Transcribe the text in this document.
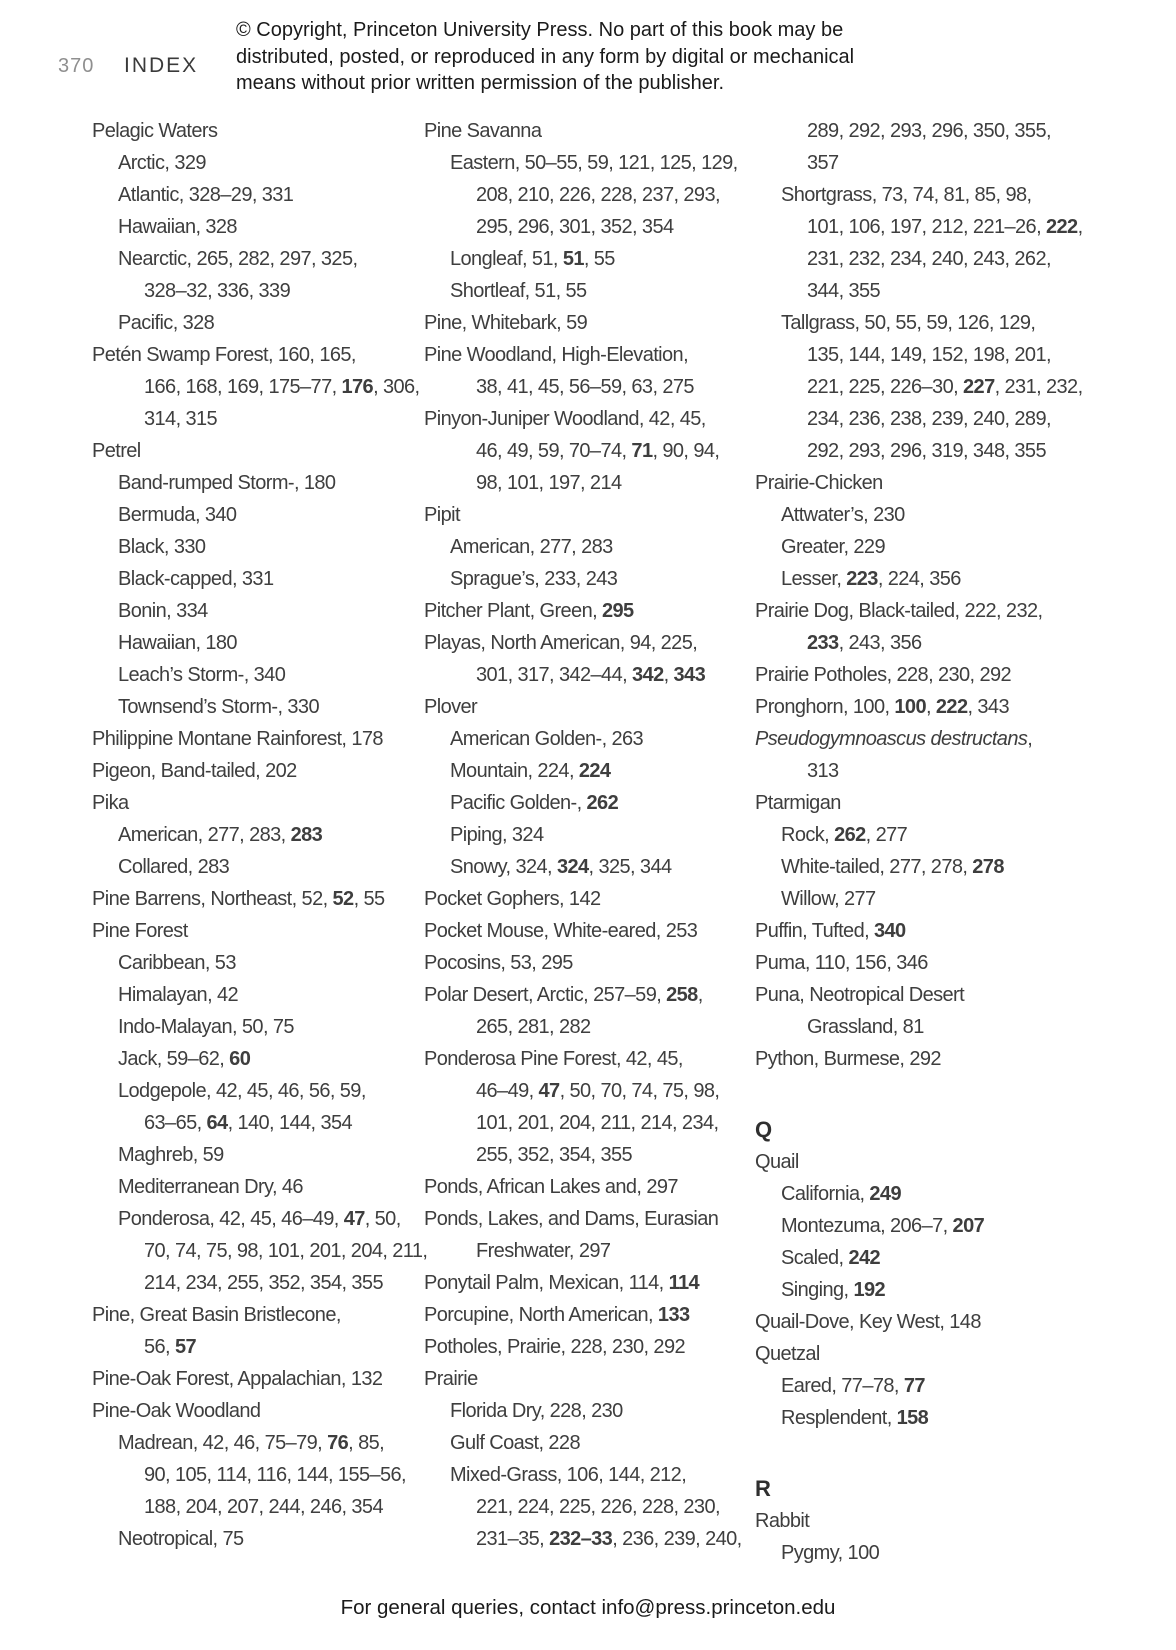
370 INDEX
© Copyright, Princeton University Press. No part of this book may be
distributed, posted, or reproduced in any form by digital or mechanical
means without prior written permission of the publisher.
Pelagic Waters
Arctic, 329
Atlantic, 328–29, 331
Hawaiian, 328
Nearctic, 265, 282, 297, 325,
328–32, 336, 339
Pacific, 328
Petén Swamp Forest, 160, 165,
166, 168, 169, 175–77, 176, 306,
314, 315
Petrel
Band-rumped Storm-, 180
Bermuda, 340
Black, 330
Black-capped, 331
Bonin, 334
Hawaiian, 180
Leach’s Storm-, 340
Townsend’s Storm-, 330
Philippine Montane Rainforest, 178
Pigeon, Band-tailed, 202
Pika
American, 277, 283, 283
Collared, 283
Pine Barrens, Northeast, 52, 52, 55
Pine Forest
Caribbean, 53
Himalayan, 42
Indo-Malayan, 50, 75
Jack, 59–62, 60
Lodgepole, 42, 45, 46, 56, 59,
63–65, 64, 140, 144, 354
Maghreb, 59
Mediterranean Dry, 46
Ponderosa, 42, 45, 46–49, 47, 50,
70, 74, 75, 98, 101, 201, 204, 211,
214, 234, 255, 352, 354, 355
Pine, Great Basin Bristlecone,
56, 57
Pine-Oak Forest, Appalachian, 132
Pine-Oak Woodland
Madrean, 42, 46, 75–79, 76, 85,
90, 105, 114, 116, 144, 155–56,
188, 204, 207, 244, 246, 354
Neotropical, 75
Pine Savanna
Eastern, 50–55, 59, 121, 125, 129,
208, 210, 226, 228, 237, 293,
295, 296, 301, 352, 354
Longleaf, 51, 51, 55
Shortleaf, 51, 55
Pine, Whitebark, 59
Pine Woodland, High-Elevation,
38, 41, 45, 56–59, 63, 275
Pinyon-Juniper Woodland, 42, 45,
46, 49, 59, 70–74, 71, 90, 94,
98, 101, 197, 214
Pipit
American, 277, 283
Sprague’s, 233, 243
Pitcher Plant, Green, 295
Playas, North American, 94, 225,
301, 317, 342–44, 342, 343
Plover
American Golden-, 263
Mountain, 224, 224
Pacific Golden-, 262
Piping, 324
Snowy, 324, 324, 325, 344
Pocket Gophers, 142
Pocket Mouse, White-eared, 253
Pocosins, 53, 295
Polar Desert, Arctic, 257–59, 258,
265, 281, 282
Ponderosa Pine Forest, 42, 45,
46–49, 47, 50, 70, 74, 75, 98,
101, 201, 204, 211, 214, 234,
255, 352, 354, 355
Ponds, African Lakes and, 297
Ponds, Lakes, and Dams, Eurasian
Freshwater, 297
Ponytail Palm, Mexican, 114, 114
Porcupine, North American, 133
Potholes, Prairie, 228, 230, 292
Prairie
Florida Dry, 228, 230
Gulf Coast, 228
Mixed-Grass, 106, 144, 212,
221, 224, 225, 226, 228, 230,
231–35, 232–33, 236, 239, 240,
289, 292, 293, 296, 350, 355,
357
Shortgrass, 73, 74, 81, 85, 98,
101, 106, 197, 212, 221–26, 222,
231, 232, 234, 240, 243, 262,
344, 355
Tallgrass, 50, 55, 59, 126, 129,
135, 144, 149, 152, 198, 201,
221, 225, 226–30, 227, 231, 232,
234, 236, 238, 239, 240, 289,
292, 293, 296, 319, 348, 355
Prairie-Chicken
Attwater’s, 230
Greater, 229
Lesser, 223, 224, 356
Prairie Dog, Black-tailed, 222, 232,
233, 243, 356
Prairie Potholes, 228, 230, 292
Pronghorn, 100, 100, 222, 343
Pseudogymnoascus destructans,
313
Ptarmigan
Rock, 262, 277
White-tailed, 277, 278, 278
Willow, 277
Puffin, Tufted, 340
Puma, 110, 156, 346
Puna, Neotropical Desert
Grassland, 81
Python, Burmese, 292
Q
Quail
California, 249
Montezuma, 206–7, 207
Scaled, 242
Singing, 192
Quail-Dove, Key West, 148
Quetzal
Eared, 77–78, 77
Resplendent, 158
R
Rabbit
Pygmy, 100
For general queries, contact info@press.princeton.edu
